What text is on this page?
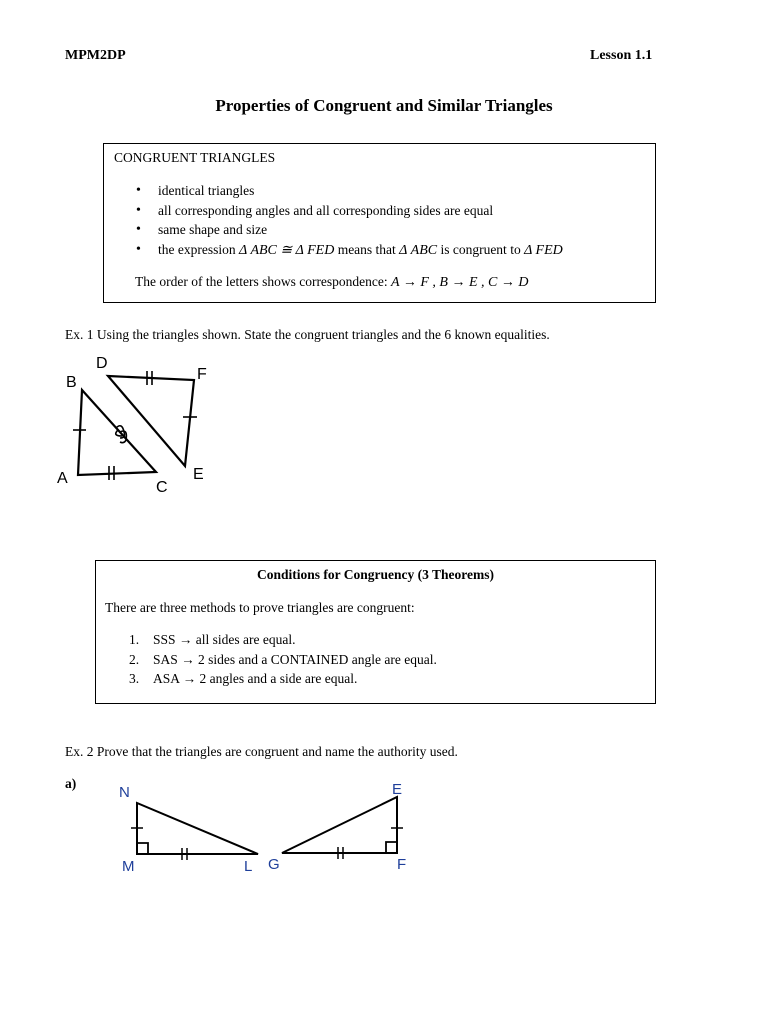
MPM2DP	Lesson 1.1
Properties of Congruent and Similar Triangles
CONGRUENT TRIANGLES
• identical triangles
• all corresponding angles and all corresponding sides are equal
• same shape and size
• the expression Δ ABC ≅ Δ FED means that Δ ABC is congruent to Δ FED
The order of the letters shows correspondence: A → F , B → E , C → D
Ex. 1 Using the triangles shown. State the congruent triangles and the 6 known equalities.
B
D
F
A
C
E
Conditions for Congruency (3 Theorems)
There are three methods to prove triangles are congruent:
1. SSS → all sides are equal.
2. SAS → 2 sides and a CONTAINED angle are equal.
3. ASA → 2 angles and a side are equal.
Ex. 2 Prove that the triangles are congruent and name the authority used.
a)
N
M	L G
E
F
